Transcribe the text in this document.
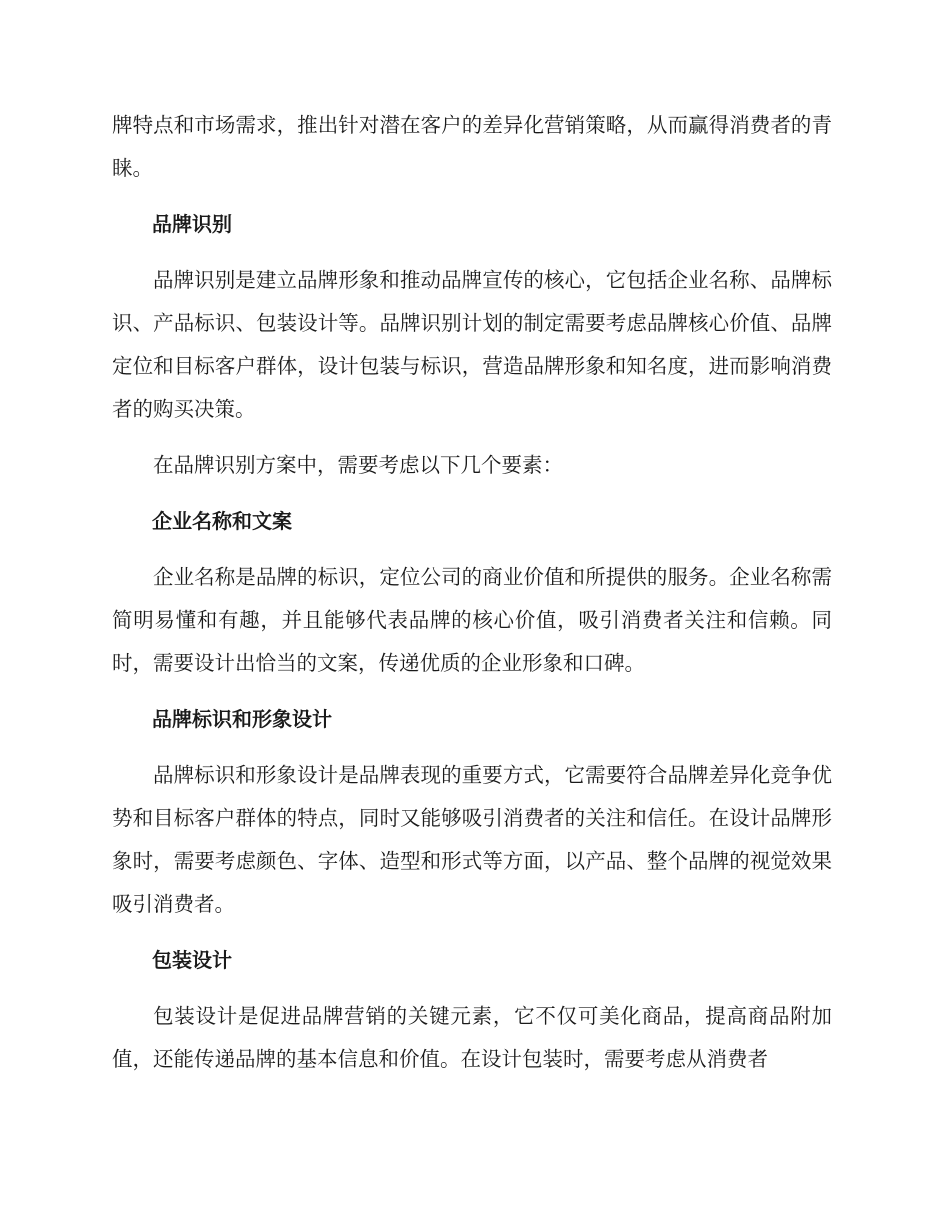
牌特点和市场需求，推出针对潜在客户的差异化营销策略，从而赢得消费者的青睐。

品牌识别

品牌识别是建立品牌形象和推动品牌宣传的核心，它包括企业名称、品牌标识、产品标识、包装设计等。品牌识别计划的制定需要考虑品牌核心价值、品牌定位和目标客户群体，设计包装与标识，营造品牌形象和知名度，进而影响消费者的购买决策。

在品牌识别方案中，需要考虑以下几个要素：

企业名称和文案

企业名称是品牌的标识，定位公司的商业价值和所提供的服务。企业名称需简明易懂和有趣，并且能够代表品牌的核心价值，吸引消费者关注和信赖。同时，需要设计出恰当的文案，传递优质的企业形象和口碑。

品牌标识和形象设计

品牌标识和形象设计是品牌表现的重要方式，它需要符合品牌差异化竞争优势和目标客户群体的特点，同时又能够吸引消费者的关注和信任。在设计品牌形象时，需要考虑颜色、字体、造型和形式等方面，以产品、整个品牌的视觉效果吸引消费者。

包装设计

包装设计是促进品牌营销的关键元素，它不仅可美化商品，提高商品附加值，还能传递品牌的基本信息和价值。在设计包装时，需要考虑从消费者
